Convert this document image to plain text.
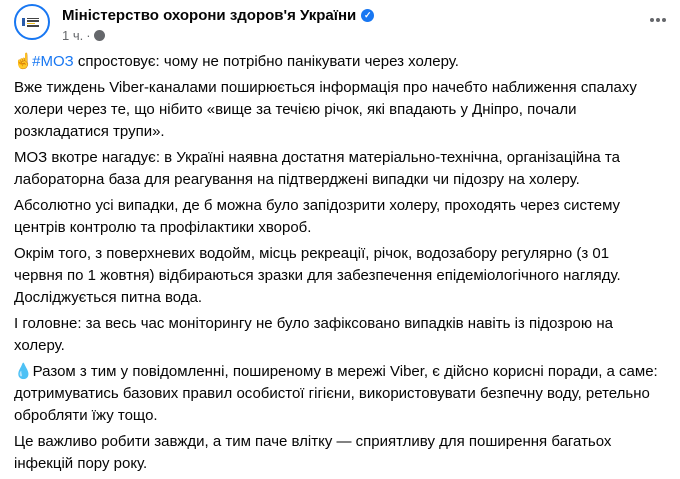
Міністерство охорони здоров'я України ✓
1 ч. ·

☝ #МОЗ спростовує: чому не потрібно панікувати через холеру.

Вже тиждень Viber-каналами поширюється інформація про начебто наближення спалаху
холери через те, що нібито «вище за течією річок, які впадають у Дніпро, почали
розкладатися трупи».

МОЗ вкотре нагадує: в Україні наявна достатня матеріально-технічна, організаційна та
лабораторна база для реагування на підтверджені випадки чи підозру на холеру.

Абсолютно усі випадки, де б можна було запідозрити холеру, проходять через систему
центрів контролю та профілактики хвороб.

Окрім того, з поверхневих водойм, місць рекреації, річок, водозабору регулярно (з 01
червня по 1 жовтня) відбираються зразки для забезпечення епідеміологічного нагляду.
Досліджується питна вода.

І головне: за весь час моніторингу не було зафіксовано випадків навіть із підозрою на
холеру.

💧Разом з тим у повідомленні, поширеному в мережі Viber, є дійсно корисні поради, а саме:
дотримуватись базових правил особистої гігієни, використовувати безпечну воду, ретельно
обробляти їжу тощо.

Це важливо робити завжди, а тим паче влітку — сприятливу для поширення багатьох
інфекцій пору року.
